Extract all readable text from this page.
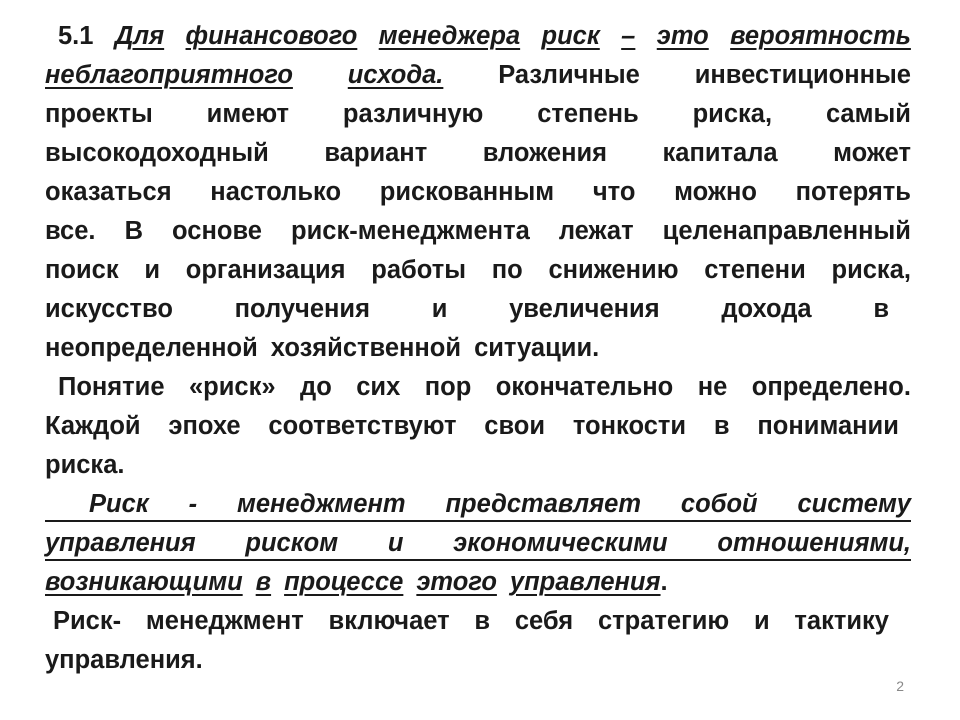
5.1 Для финансового менеджера риск – это вероятность
неблагоприятного исхода. Различные инвестиционные
проекты имеют различную степень риска, самый
высокодоходный вариант вложения капитала может
оказаться настолько рискованным что можно потерять
все. В основе риск-менеджмента лежат целенаправленный
поиск и организация работы по снижению степени риска,
искусство получения и увеличения дохода в
неопределенной хозяйственной ситуации.
Понятие «риск» до сих пор окончательно не определено.
Каждой эпохе соответствуют свои тонкости в понимании
риска.
Риск - менеджмент представляет собой систему
управления риском и экономическими отношениями,
возникающими в процессе этого управления .
Риск- менеджмент включает в себя стратегию и тактику
управления.
2
